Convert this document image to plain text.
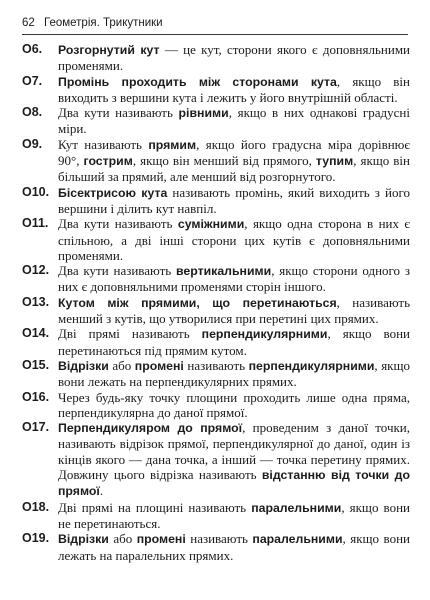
62 Геометрія. Трикутники
О6.	Розгорнутий кут — це кут, сторони якого є доповняльними променями.
О7.	Промінь проходить між сторонами кута, якщо він виходить з вершини кута і лежить у його внутрішній області.
О8.	Два кути називають рівними, якщо в них однакові градусні міри.
О9.	Кут називають прямим, якщо його градусна міра дорівнює 90°, гострим, якщо він менший від прямого, тупим, якщо він більший за прямий, але менший від розгорнутого.
О10. Бісектрисою кута називають промінь, який виходить з його вершини і ділить кут навпіл.
О11. Два кути називають суміжними, якщо одна сторона в них є спільною, а дві інші сторони цих кутів є доповняльними променями.
О12. Два кути називають вертикальними, якщо сторони одного з них є доповняльними променями сторін іншого.
О13. Кутом між прямими, що перетинаються, називають менший з кутів, що утворилися при перетині цих прямих.
О14. Дві прямі називають перпендикулярними, якщо вони перетинаються під прямим кутом.
О15. Відрізки або промені називають перпендикулярними, якщо вони лежать на перпендикулярних прямих.
О16. Через будь-яку точку площини проходить лише одна пряма, перпендикулярна до даної прямої.
О17. Перпендикуляром до прямої, проведеним з даної точки, називають відрізок прямої, перпендикулярної до даної, один із кінців якого — дана точка, а інший — точка перетину прямих. Довжину цього відрізка називають відстанню від точки до прямої.
О18. Дві прямі на площині називають паралельними, якщо вони не перетинаються.
О19. Відрізки або промені називають паралельними, якщо вони лежать на паралельних прямих.
